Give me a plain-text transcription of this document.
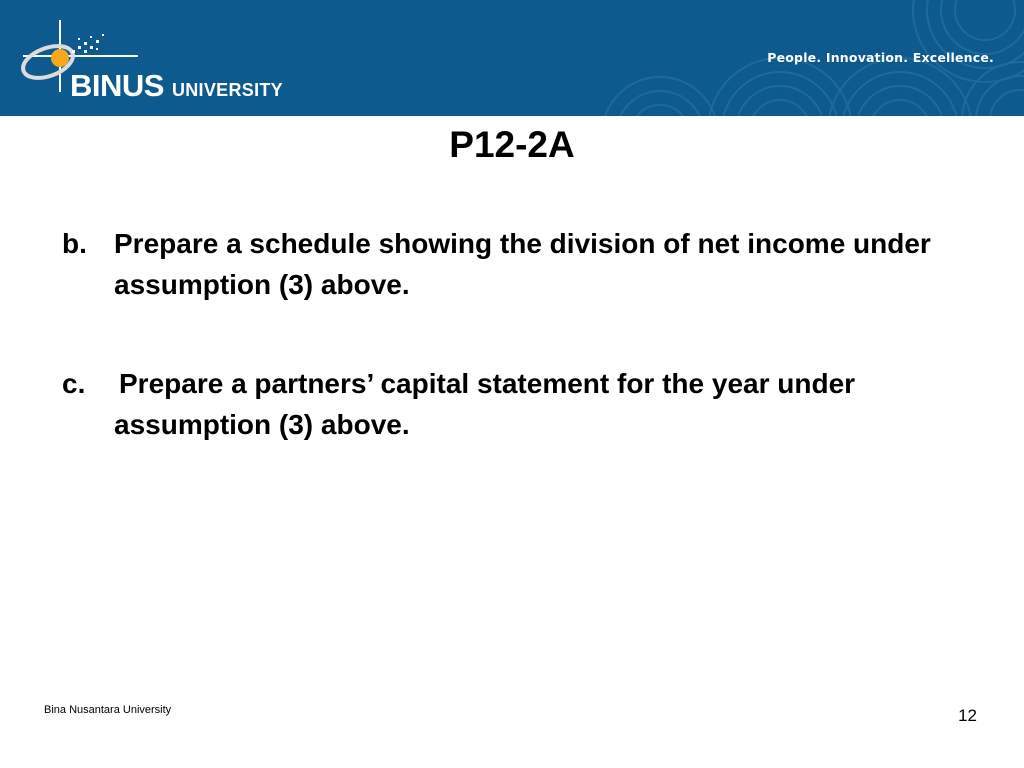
BINUS UNIVERSITY
People. Innovation. Excellence.
P12-2A
b. Prepare a schedule showing the division of net income under assumption (3) above.
c. Prepare a partners’ capital statement for the year under assumption (3) above.
Bina Nusantara University	12
